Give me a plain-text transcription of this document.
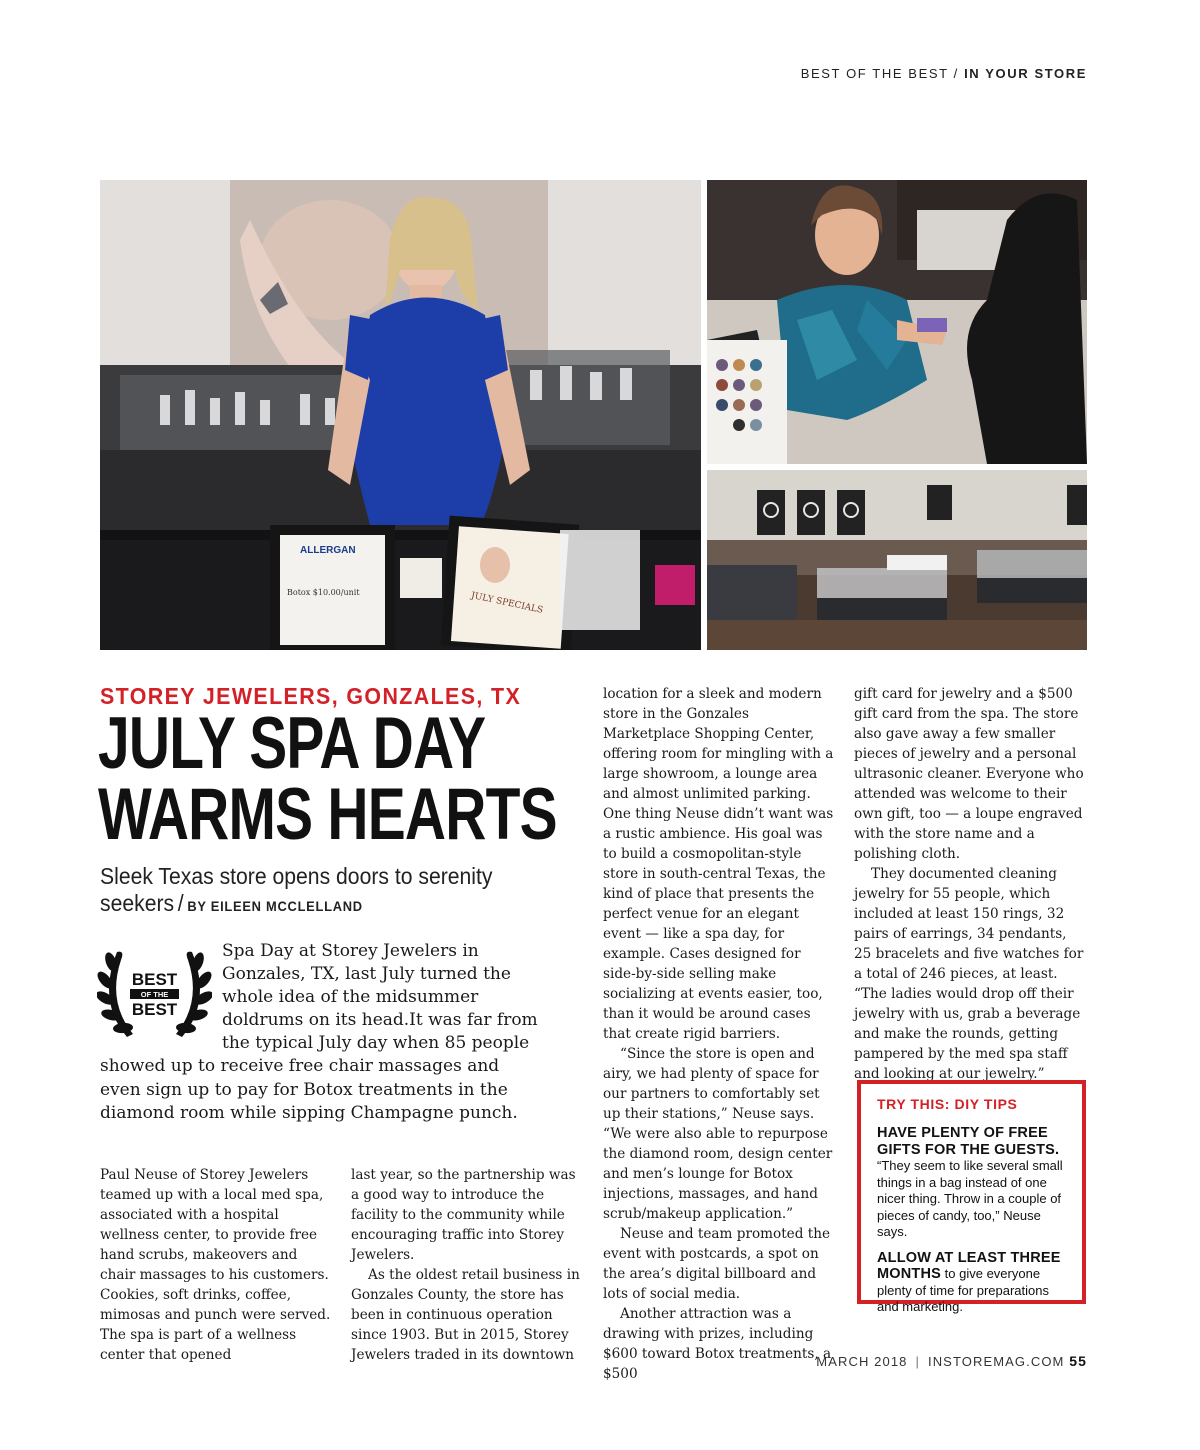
BEST OF THE BEST / IN YOUR STORE
ALLERGAN
Botox $10.00/unit	JULY SPECIALS
STOREY JEWELERS, GONZALES, TX
JULY SPA DAY
WARMS HEARTS
Sleek Texas store opens doors to serenity seekers / BY EILEEN MCCLELLAND
BEST
OF THE
BEST
Spa Day at Storey Jewelers in Gonzales, TX, last July turned the whole idea of the midsummer doldrums on its head.It was far from the typical July day when 85 people showed up to receive free chair massages and even sign up to pay for Botox treatments in the diamond room while sipping Champagne punch.

Paul Neuse of Storey Jewelers teamed up with a local med spa, associated with a hospital wellness center, to provide free hand scrubs, makeovers and chair massages to his customers. Cookies, soft drinks, coffee, mimosas and punch were served. The spa is part of a wellness center that opened

last year, so the partnership was a good way to introduce the facility to the community while encouraging traffic into Storey Jewelers.

As the oldest retail business in Gonzales County, the store has been in continuous operation since 1903. But in 2015, Storey Jewelers traded in its downtown

location for a sleek and modern store in the Gonzales Marketplace Shopping Center, offering room for mingling with a large showroom, a lounge area and almost unlimited parking. One thing Neuse didn’t want was a rustic ambience. His goal was to build a cosmopolitan-style store in south-central Texas, the kind of place that presents the perfect venue for an elegant event — like a spa day, for example. Cases designed for side-by-side selling make socializing at events easier, too, than it would be around cases that create rigid barriers.

“Since the store is open and airy, we had plenty of space for our partners to comfortably set up their stations,” Neuse says. “We were also able to repurpose the diamond room, design center and men’s lounge for Botox injections, massages, and hand scrub/makeup application.”

Neuse and team promoted the event with postcards, a spot on the area’s digital billboard and lots of social media.

Another attraction was a drawing with prizes, including $600 toward Botox treatments, a $500

gift card for jewelry and a $500 gift card from the spa. The store also gave away a few smaller pieces of jewelry and a personal ultrasonic cleaner. Everyone who attended was welcome to their own gift, too — a loupe engraved with the store name and a polishing cloth.

They documented cleaning jewelry for 55 people, which included at least 150 rings, 32 pairs of earrings, 34 pendants, 25 bracelets and five watches for a total of 246 pieces, at least. “The ladies would drop off their jewelry with us, grab a beverage and make the rounds, getting pampered by the med spa staff and looking at our jewelry.”

TRY THIS: DIY TIPS
HAVE PLENTY OF FREE GIFTS FOR THE GUESTS.
“They seem to like several small things in a bag instead of one nicer thing. Throw in a couple of pieces of candy, too,” Neuse says.
ALLOW AT LEAST THREE MONTHS to give everyone plenty of time for preparations and marketing.
MARCH 2018 | INSTOREMAG.COM 55
